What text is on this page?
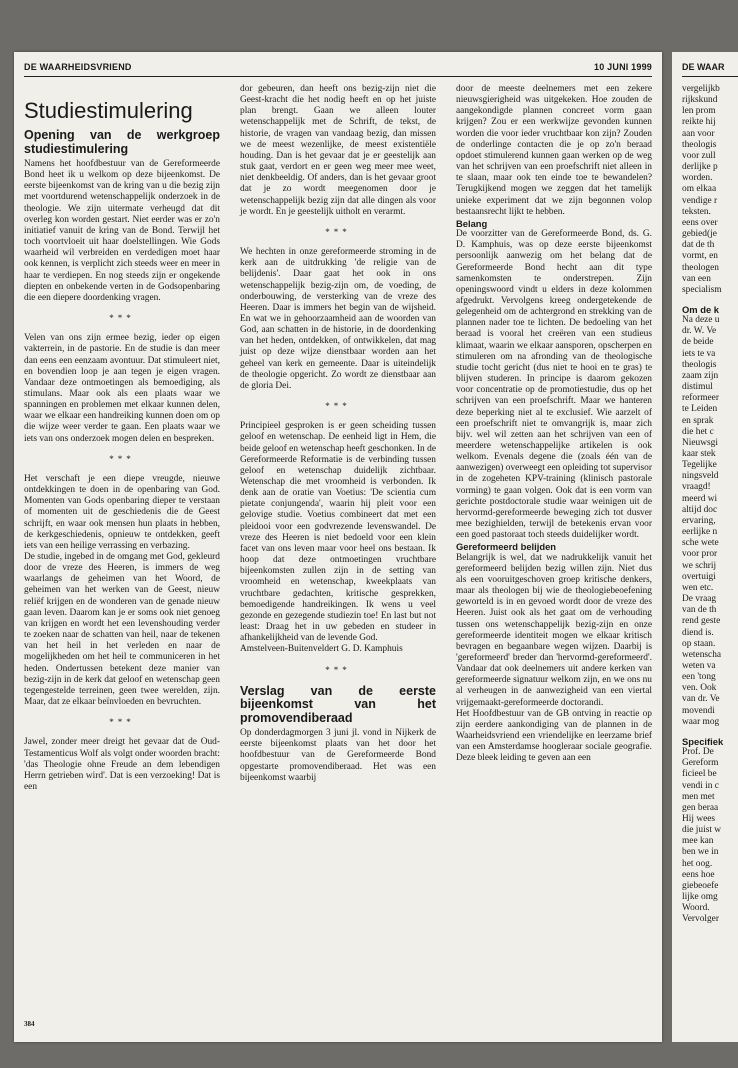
DE WAARHEIDSVRIEND	10 JUNI 1999
Studiestimulering
Opening van de werkgroep studiestimulering

Namens het hoofdbestuur van de Gereformeerde Bond heet ik u welkom op deze bijeenkomst. De eerste bijeenkomst van de kring van u die bezig zijn met voortdurend wetenschappelijk onderzoek in de theologie. We zijn uitermate verheugd dat dit overleg kon worden gestart. Niet eerder was er zo'n initiatief vanuit de kring van de Bond. Terwijl het toch voortvloeit uit haar doelstellingen. Wie Gods waarheid wil verbreiden en verdedigen moet haar ook kennen, is verplicht zich steeds weer en meer in haar te verdiepen. En nog steeds zijn er ongekende diepten en onbekende verten in de Godsopenbaring die een diepere doordenking vragen.

***

Velen van ons zijn ermee bezig, ieder op eigen vakterrein, in de pastorie. En de studie is dan meer dan eens een eenzaam avontuur. Dat stimuleert niet, en bovendien loop je aan tegen je eigen vragen. Vandaar deze ontmoetingen als bemoediging, als stimulans. Maar ook als een plaats waar we spanningen en problemen met elkaar kunnen delen, waar we elkaar een handreiking kunnen doen om op die wijze weer verder te gaan. Een plaats waar we iets van ons onderzoek mogen delen en bespreken.

***

Het verschaft je een diepe vreugde, nieuwe ontdekkingen te doen in de openbaring van God. Momenten van Gods openbaring dieper te verstaan of momenten uit de geschiedenis die de Geest schrijft, en waar ook mensen hun plaats in hebben, de kerkgeschiedenis, opnieuw te ontdekken, geeft iets van een heilige verrassing en verbazing.

De studie, ingebed in de omgang met God, gekleurd door de vreze des Heeren, is immers de weg waarlangs de geheimen van het Woord, de geheimen van het werken van de Geest, nieuw reliëf krijgen en de wonderen van de genade nieuw gaan leven. Daarom kan je er soms ook niet genoeg van krijgen en wordt het een levenshouding verder te zoeken naar de schatten van heil, naar de tekenen van het heil in het verleden en naar de mogelijkheden om het heil te communiceren in het heden. Ondertussen betekent deze manier van bezig-zijn in de kerk dat geloof en wetenschap geen tegengestelde terreinen, geen twee werelden, zijn. Maar, dat ze elkaar beïnvloeden en bevruchten.

***

Jawel, zonder meer dreigt het gevaar dat de Oud-Testamenticus Wolf als volgt onder woorden bracht: 'das Theologie ohne Freude an dem lebendigen Herrn getrieben wird'. Dat is een verzoeking! Dat is een

dor gebeuren, dan heeft ons bezig-zijn niet die Geest-kracht die het nodig heeft en op het juiste plan brengt. Gaan we alleen louter wetenschappelijk met de Schrift, de tekst, de historie, de vragen van vandaag bezig, dan missen we de meest wezenlijke, de meest existentiële houding. Dan is het gevaar dat je er geestelijk aan stuk gaat, verdort en er geen weg meer mee weet, niet denkbeeldig. Of anders, dan is het gevaar groot dat je zo wordt meegenomen door je wetenschappelijk bezig zijn dat alle dingen als voor je wordt. En je geestelijk uitholt en verarmt.

***

We hechten in onze gereformeerde stroming in de kerk aan de uitdrukking 'de religie van de belijdenis'. Daar gaat het ook in ons wetenschappelijk bezig-zijn om, de voeding, de onderbouwing, de versterking van de vreze des Heeren. Daar is immers het begin van de wijsheid. En wat we in gehoorzaamheid aan de woorden van God, aan schatten in de historie, in de doordenking van het heden, ontdekken, of ontwikkelen, dat mag juist op deze wijze dienstbaar worden aan het geheel van kerk en gemeente. Daar is uiteindelijk de theologie opgericht. Zo wordt ze dienstbaar aan de gloria Dei.

***

Principieel gesproken is er geen scheiding tussen geloof en wetenschap. De eenheid ligt in Hem, die beide geloof en wetenschap heeft geschonken. In de Gereformeerde Reformatie is de verbinding tussen geloof en wetenschap duidelijk zichtbaar. Wetenschap die met vroomheid is verbonden. Ik denk aan de oratie van Voetius: 'De scientia cum pietate conjungenda', waarin hij pleit voor een gelovige studie. Voetius combineert dat met een pleidooi voor een godvrezende levenswandel. De vreze des Heeren is niet bedoeld voor een klein facet van ons leven maar voor heel ons bestaan. Ik hoop dat deze ontmoetingen vruchtbare bijeenkomsten zullen zijn in de setting van vroomheid en wetenschap, kweekplaats van vruchtbare gedachten, kritische gesprekken, bemoedigende handreikingen. Ik wens u veel gezonde en gezegende studiezin toe! En last but not least: Draag het in uw gebeden en studeer in afhankelijkheid van de levende God.

Amstelveen-Buitenveldert G. D. Kamphuis

***
Verslag van de eerste bijeenkomst van het promovendiberaad

Op donderdagmorgen 3 juni jl. vond in Nijkerk de eerste bijeenkomst plaats van het door het hoofdbestuur van de Gereformeerde Bond opgestarte promovendiberaad. Het was een bijeenkomst waarbij

door de meeste deelnemers met een zekere nieuwsgierigheid was uitgekeken. Hoe zouden de aangekondigde plannen concreet vorm gaan krijgen? Zou er een werkwijze gevonden kunnen worden die voor ieder vruchtbaar kon zijn? Zouden de onderlinge contacten die je op zo'n beraad opdoet stimulerend kunnen gaan werken op de weg van het schrijven van een proefschrift niet alleen in te slaan, maar ook ten einde toe te bewandelen? Terugkijkend mogen we zeggen dat het tamelijk unieke experiment dat we zijn begonnen volop bestaansrecht lijkt te hebben.

Belang

De voorzitter van de Gereformeerde Bond, ds. G. D. Kamphuis, was op deze eerste bijeenkomst persoonlijk aanwezig om het belang dat de Gereformeerde Bond hecht aan dit type samenkomsten te onderstrepen. Zijn openingswoord vindt u elders in deze kolommen afgedrukt. Vervolgens kreeg ondergetekende de gelegenheid om de achtergrond en strekking van de plannen nader toe te lichten. De bedoeling van het beraad is vooral het creëren van een studieus klimaat, waarin we elkaar aansporen, opscherpen en stimuleren om na afronding van de theologische studie tocht gericht (dus niet te hooi en te gras) te blijven studeren. In principe is daarom gekozen voor concentratie op de promotiestudie, dus op het schrijven van een proefschrift. Maar we hanteren deze beperking niet al te exclusief. Wie aarzelt of een proefschrift niet te omvangrijk is, maar zich bijv. wel wil zetten aan het schrijven van een of meerdere wetenschappelijke artikelen is ook welkom. Evenals degene die (zoals één van de aanwezigen) overweegt een opleiding tot supervisor in de zogeheten KPV-training (klinisch pastorale vorming) te gaan volgen. Ook dat is een vorm van gerichte postdoctorale studie waar weinigen uit de hervormd-gereformeerde beweging zich tot dusver mee bezighielden, terwijl de betekenis ervan voor een goed pastoraat toch steeds duidelijker wordt.

Gereformeerd belijden

Belangrijk is wel, dat we nadrukkelijk vanuit het gereformeerd belijden bezig willen zijn. Niet dus als een vooruitgeschoven groep kritische denkers, maar als theologen bij wie de theologiebeoefening geworteld is in en gevoed wordt door de vreze des Heeren. Juist ook als het gaat om de verhouding tussen ons wetenschappelijk bezig-zijn en onze gereformeerde identiteit mogen we elkaar kritisch bevragen en begaanbare wegen wijzen. Daarbij is 'gereformeerd' breder dan 'hervormd-gereformeerd'. Vandaar dat ook deelnemers uit andere kerken van gereformeerde signatuur welkom zijn, en we ons nu al verheugen in de aanwezigheid van een viertal vrijgemaakt-gereformeerde doctorandi.

Het Hoofdbestuur van de GB ontving in reactie op zijn eerdere aankondiging van de plannen in de Waarheidsvriend een vriendelijke en leerzame brief van een Amsterdamse hoogleraar sociale geografie. Deze bleek leiding te geven aan een

384
DE WAAR
vergelijkb
rijkskund
len prom
reikte hij
aan voor
theologis
voor zull
derlijke p
worden.
om elkaa
vendige r
teksten.
eens over
gebied(je
dat de th
vormt, en
theologen
van een
specialism

Om de k

Na deze u
dr. W. Ve
de beide
iets te va
theologis
zaam zijn
distimul
reformeer
te Leiden
en sprak
die het c
Nieuwsgi
kaar stek
Tegelijke
ningsveld
vraagd!
meerd wi
altijd doc
ervaring,
eerlijke n
sche wete
voor pror
we schrij
overtuigi
wen etc.
De vraag
van de th
rend geste
diend is.
op staan.
wetenscha
weten va
een 'tong
ven. Ook
van dr. Ve
movendi
waar mog

Specifiek

Prof. De
Gereform
ficieel be
vendi in c
men met
gen beraa
Hij wees
die juist w
mee kan
ben we in
het oog.
eens hoe
giebeoefe
lijke omg
Woord.
Vervolger
